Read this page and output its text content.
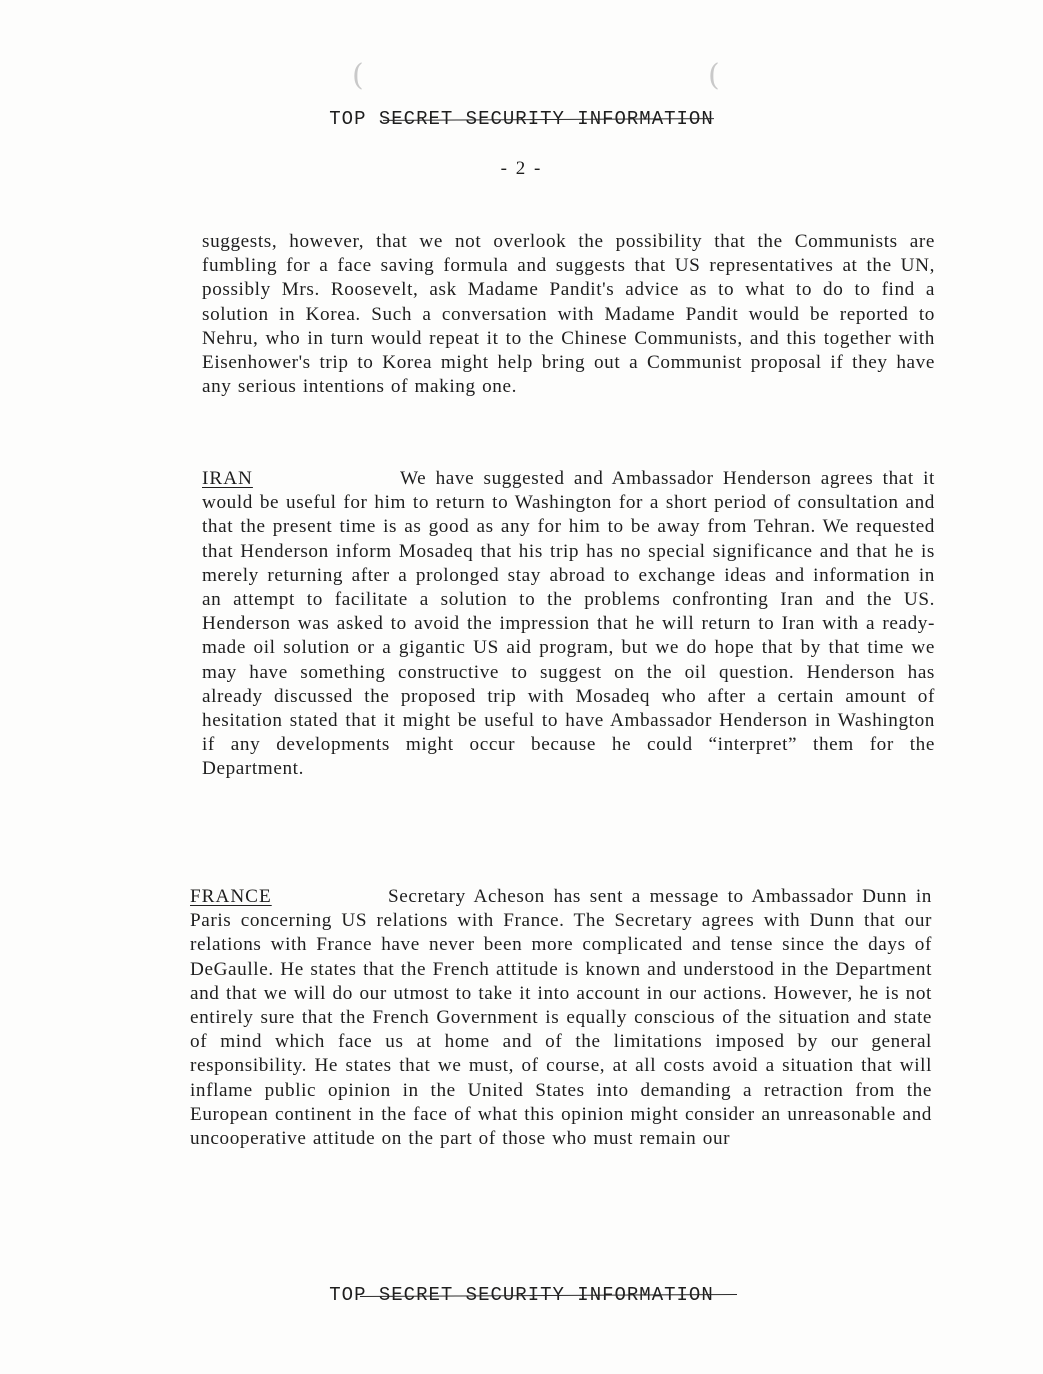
(	(
TOP SECRET SECURITY INFORMATION
- 2 -
suggests, however, that we not overlook the possibility that the Communists are fumbling for a face saving formula and suggests that US representatives at the UN, possibly Mrs. Roosevelt, ask Madame Pandit's advice as to what to do to find a solution in Korea. Such a conversation with Madame Pandit would be reported to Nehru, who in turn would repeat it to the Chinese Communists, and this together with Eisenhower's trip to Korea might help bring out a Communist proposal if they have any serious intentions of making one.
IRAN	We have suggested and Ambassador Henderson agrees that it would be useful for him to return to Washington for a short period of consultation and that the present time is as good as any for him to be away from Tehran. We requested that Henderson inform Mosadeq that his trip has no special significance and that he is merely returning after a prolonged stay abroad to exchange ideas and information in an attempt to facilitate a solution to the problems confronting Iran and the US. Henderson was asked to avoid the impression that he will return to Iran with a ready-made oil solution or a gigantic US aid program, but we do hope that by that time we may have something constructive to suggest on the oil question. Henderson has already discussed the proposed trip with Mosadeq who after a certain amount of hesitation stated that it might be useful to have Ambassador Henderson in Washington if any developments might occur because he could “interpret” them for the Department.
FRANCE	Secretary Acheson has sent a message to Ambassador Dunn in Paris concerning US relations with France. The Secretary agrees with Dunn that our relations with France have never been more complicated and tense since the days of DeGaulle. He states that the French attitude is known and understood in the Department and that we will do our utmost to take it into account in our actions. However, he is not entirely sure that the French Government is equally conscious of the situation and state of mind which face us at home and of the limitations imposed by our general responsibility. He states that we must, of course, at all costs avoid a situation that will inflame public opinion in the United States into demanding a retraction from the European continent in the face of what this opinion might consider an unreasonable and uncooperative attitude on the part of those who must remain our
TOP SECRET SECURITY INFORMATION
